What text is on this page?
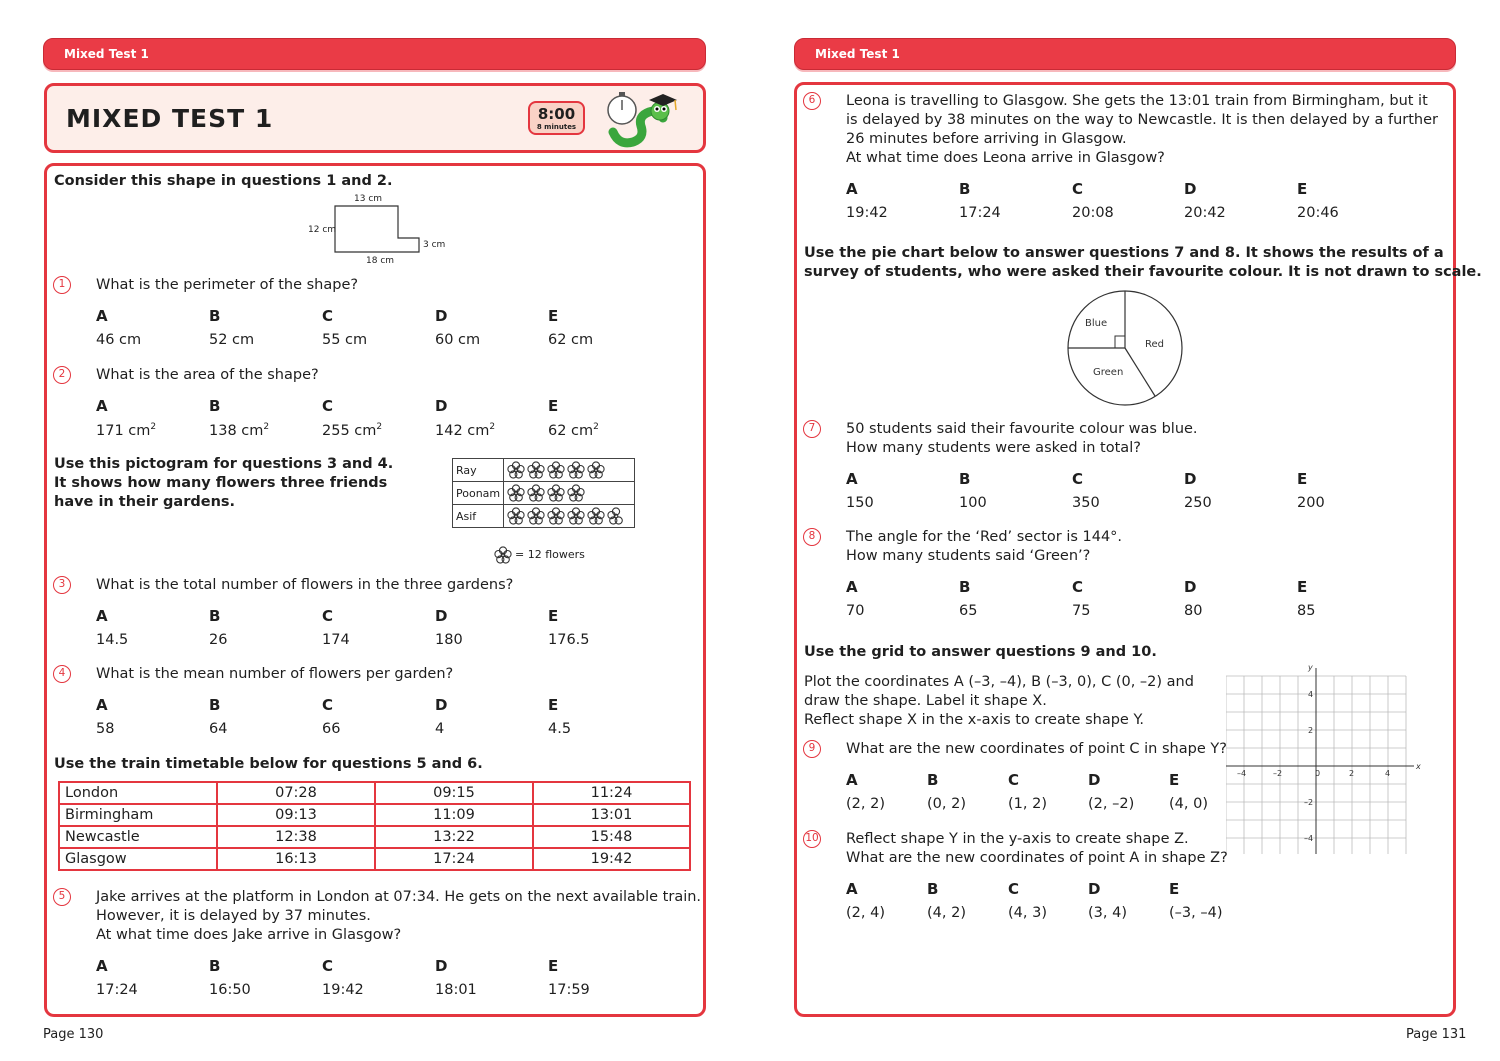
Mixed Test 1
MIXED TEST 1	8:00
8 minutes
Consider this shape in questions 1 and 2.
13 cm
12 cm
3 cm
18 cm
1	What is the perimeter of the shape?
A	B	C	D	E
46 cm	52 cm	55 cm	60 cm	62 cm
2	What is the area of the shape?
A	B	C	D	E
171 $cm^2$	138 $cm^2$	255 $cm^2$	142 $cm^2$	62 $cm^2$
Use this pictogram for questions 3 and 4.
It shows how many flowers three friends
have in their gardens.
Ray	
Poonam	
Asif	
= 12 flowers
3	What is the total number of flowers in the three gardens?
A	B	C	D	E
14.5	26	174	180	176.5
4	What is the mean number of flowers per garden?
A	B	C	D	E
58	64	66	4	4.5
Use the train timetable below for questions 5 and 6.
London	07:28	09:15	11:24
Birmingham	09:13	11:09	13:01
Newcastle	12:38	13:22	15:48
Glasgow	16:13	17:24	19:42
5	Jake arrives at the platform in London at 07:34. He gets on the next available train.
However, it is delayed by 37 minutes.
At what time does Jake arrive in Glasgow?
A	B	C	D	E
17:24	16:50	19:42	18:01	17:59
Page 130
Mixed Test 1
6	Leona is travelling to Glasgow. She gets the 13:01 train from Birmingham, but it
is delayed by 38 minutes on the way to Newcastle. It is then delayed by a further
26 minutes before arriving in Glasgow.
At what time does Leona arrive in Glasgow?
A	B	C	D	E
19:42	17:24	20:08	20:42	20:46
Use the pie chart below to answer questions 7 and 8. It shows the results of a
survey of students, who were asked their favourite colour. It is not drawn to scale.
Blue
Red
Green
7	50 students said their favourite colour was blue.
How many students were asked in total?
A	B	C	D	E
150	100	350	250	200
8	The angle for the ‘Red’ sector is 144°.
How many students said ‘Green’?
A	B	C	D	E
70	65	75	80	85
Use the grid to answer questions 9 and 10.
Plot the coordinates A (–3, –4), B (–3, 0), C (0, –2) and
draw the shape. Label it shape X.
Reflect shape X in the x-axis to create shape Y.
x
y
–4	–2	0	2	4
4
2
–2
–4
9	What are the new coordinates of point C in shape Y?
A	B	C	D	E
(2, 2)	(0, 2)	(1, 2)	(2, –2) (4, 0)
10 Reflect shape Y in the y-axis to create shape Z.
What are the new coordinates of point A in shape Z?
A	B	C	D	E
(2, 4)	(4, 2)	(4, 3)	(3, 4)	(–3, –4)
Page 131
